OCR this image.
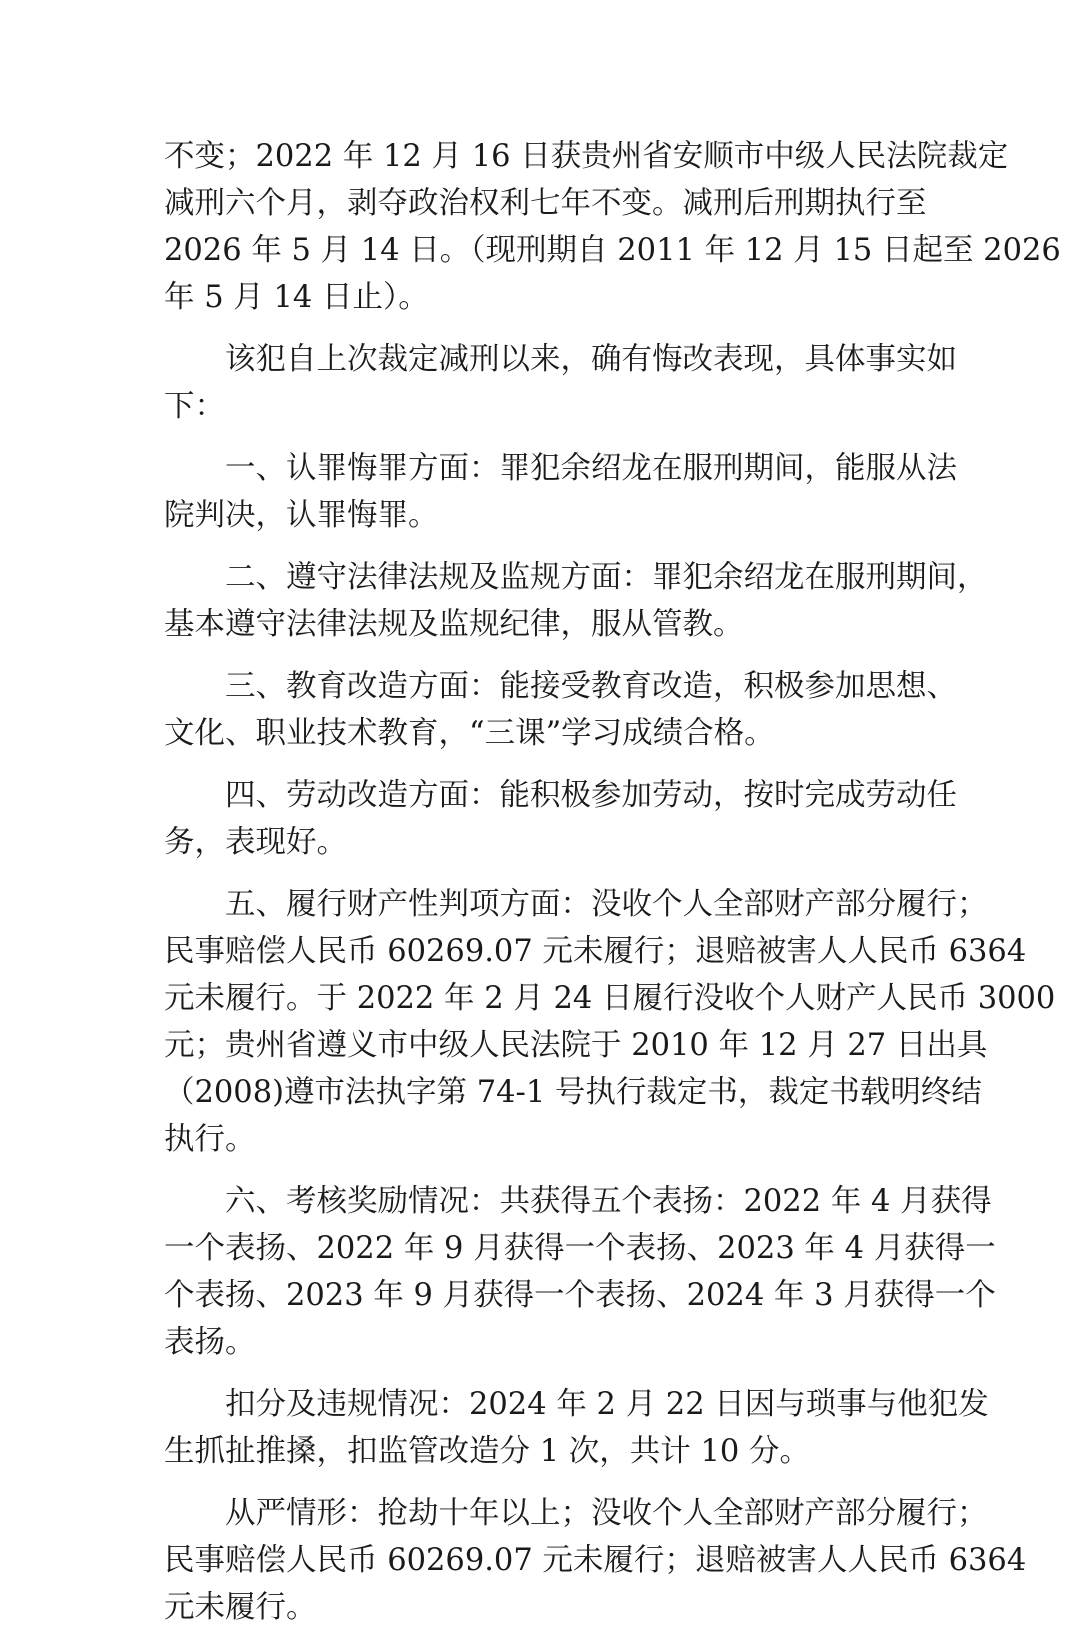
不变；2022 年 12 月 16 日获贵州省安顺市中级人民法院裁定
减刑六个月，剥夺政治权利七年不变。减刑后刑期执行至
2026 年 5 月 14 日。（现刑期自 2011 年 12 月 15 日起至 2026
年 5 月 14 日止）。
该犯自上次裁定减刑以来，确有悔改表现，具体事实如
下：
一、认罪悔罪方面：罪犯余绍龙在服刑期间，能服从法
院判决，认罪悔罪。
二、遵守法律法规及监规方面：罪犯余绍龙在服刑期间，
基本遵守法律法规及监规纪律，服从管教。
三、教育改造方面：能接受教育改造，积极参加思想、
文化、职业技术教育，“三课”学习成绩合格。
四、劳动改造方面：能积极参加劳动，按时完成劳动任
务，表现好。
五、履行财产性判项方面：没收个人全部财产部分履行；
民事赔偿人民币 60269.07 元未履行；退赔被害人人民币 6364
元未履行。于 2022 年 2 月 24 日履行没收个人财产人民币 3000
元；贵州省遵义市中级人民法院于 2010 年 12 月 27 日出具
（2008)遵市法执字第 74-1 号执行裁定书，裁定书载明终结
执行。
六、考核奖励情况：共获得五个表扬：2022 年 4 月获得
一个表扬、2022 年 9 月获得一个表扬、2023 年 4 月获得一
个表扬、2023 年 9 月获得一个表扬、2024 年 3 月获得一个
表扬。
扣分及违规情况：2024 年 2 月 22 日因与琐事与他犯发
生抓扯推搡，扣监管改造分 1 次，共计 10 分。
从严情形：抢劫十年以上；没收个人全部财产部分履行；
民事赔偿人民币 60269.07 元未履行；退赔被害人人民币 6364
元未履行。
